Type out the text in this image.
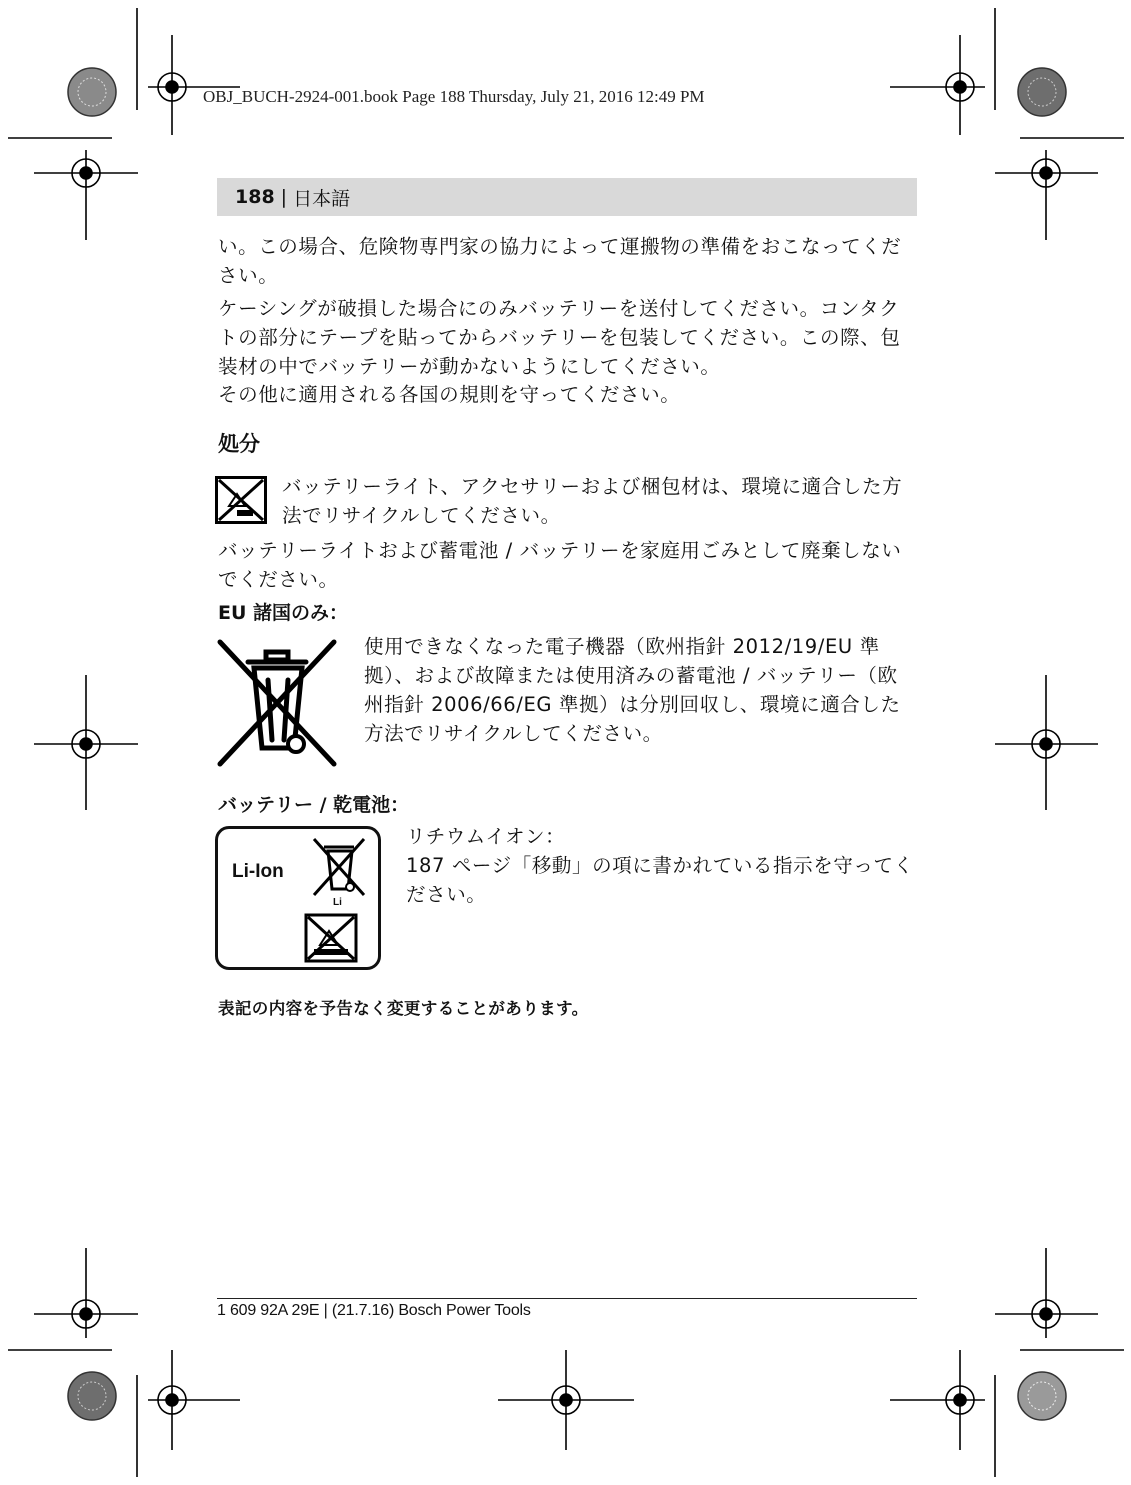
OBJ_BUCH-2924-001.book Page 188 Thursday, July 21, 2016 12:49 PM
188 | 日本語
い。この場合、危険物専門家の協力によって運搬物の準備をおこなってください。
ケーシングが破損した場合にのみバッテリーを送付してください。コンタクトの部分にテープを貼ってからバッテリーを包装してください。この際、包装材の中でバッテリーが動かないようにしてください。
その他に適用される各国の規則を守ってください。
処分
バッテリーライト、アクセサリーおよび梱包材は、環境に適合した方法でリサイクルしてください。
バッテリーライトおよび蓄電池 / バッテリーを家庭用ごみとして廃棄しないでください。
EU 諸国のみ：
使用できなくなった電子機器（欧州指針 2012/19/EU 準拠）、および故障または使用済みの蓄電池 / バッテリー（欧州指針 2006/66/EG 準拠）は分別回収し、環境に適合した方法でリサイクルしてください。
バッテリー / 乾電池：
Li-Ion
Li
リチウムイオン：
187 ページ「移動」の項に書かれている指示を守ってください。
表記の内容を予告なく変更することがあります。
1 609 92A 29E | (21.7.16) Bosch Power Tools
